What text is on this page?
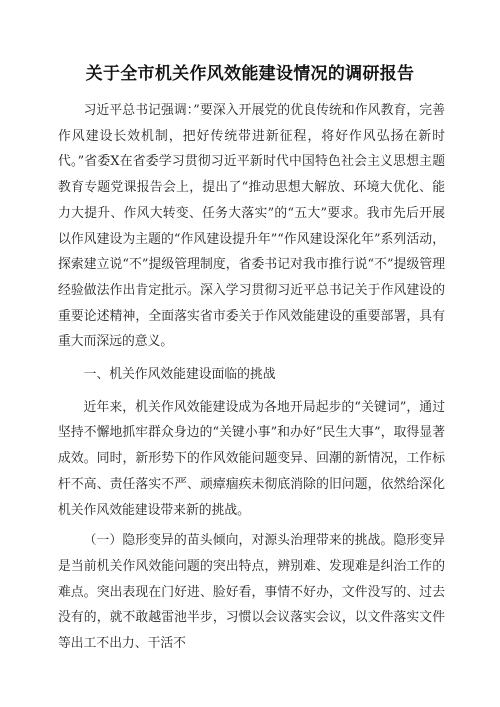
关于全市机关作风效能建设情况的调研报告

习近平总书记强调：”要深入开展党的优良传统和作风教育，完善作风建设长效机制，把好传统带进新征程，将好作风弘扬在新时代。”省委X在省委学习贯彻习近平新时代中国特色社会主义思想主题教育专题党课报告会上，提出了“推动思想大解放、环境大优化、能力大提升、作风大转变、任务大落实”的“五大”要求。我市先后开展以作风建设为主题的“作风建设提升年”“作风建设深化年”系列活动，探索建立说“不”提级管理制度，省委书记对我市推行说“不”提级管理经验做法作出肯定批示。深入学习贯彻习近平总书记关于作风建设的重要论述精神，全面落实省市委关于作风效能建设的重要部署，具有重大而深远的意义。

一、机关作风效能建设面临的挑战

近年来，机关作风效能建设成为各地开局起步的“关键词”，通过坚持不懈地抓牢群众身边的“关键小事”和办好“民生大事”，取得显著成效。同时，新形势下的作风效能问题变异、回潮的新情况，工作标杆不高、责任落实不严、顽瘴痼疾未彻底消除的旧问题，依然给深化机关作风效能建设带来新的挑战。

（一）隐形变异的苗头倾向，对源头治理带来的挑战。隐形变异是当前机关作风效能问题的突出特点，辨别难、发现难是纠治工作的难点。突出表现在门好进、脸好看，事情不好办，文件没写的、过去没有的，就不敢越雷池半步，习惯以会议落实会议，以文件落实文件等出工不出力、干活不
